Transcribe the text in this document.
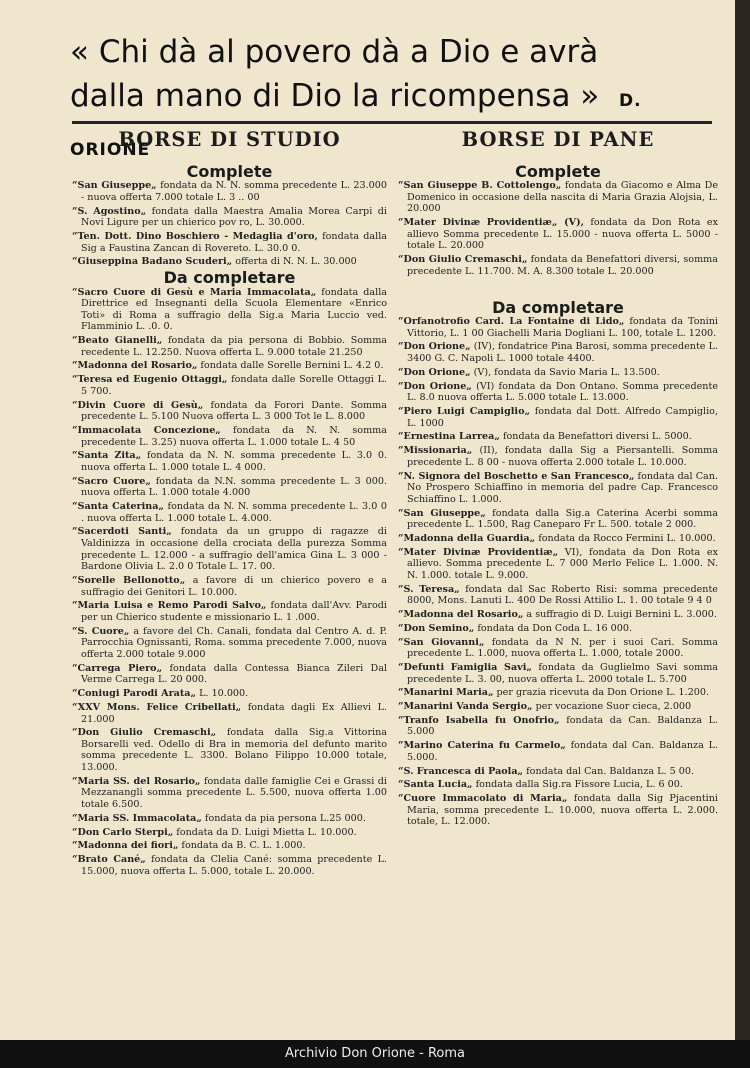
« Chi dà al povero dà a Dio e avrà
dalla mano di Dio la ricompensa » D. ORIONE
BORSE DI STUDIO
Complete
“San Giuseppe„ fondata da N. N. somma precedente L. 23.000 - nuova offerta 7.000 totale L. 3 .. 00
“S. Agostino„ fondata dalla Maestra Amalia Morea Carpi di Novi Ligure per un chierico pov ro, L. 30.000.
“Ten. Dott. Dino Boschiero - Medaglia d'oro, fondata dalla Sig a Faustina Zancan di Rovereto. L. 30.0 0.
“Giuseppina Badano Scuderi„ offerta di N. N. L. 30.000
Da completare
“Sacro Cuore di Gesù e Maria Immacolata„ fondata dalla Direttrice ed Insegnanti della Scuola Elementare «Enrico Toti» di Roma a suffragio della Sig.a Maria Luccio ved. Flamminio L. .0. 0.
“Beato Gianelli„ fondata da pia persona di Bobbio. Somma recedente L. 12.250. Nuova offerta L. 9.000 totale 21.250
“Madonna del Rosario„ fondata dalle Sorelle Bernini L. 4.2 0.
“Teresa ed Eugenio Ottaggi„ fondata dalle Sorelle Ottaggi L. 5 700.
“Divin Cuore di Gesù„ fondata da Forori Dante. Somma precedente L. 5.100 Nuova offerta L. 3 000 Tot le L. 8.000
“Immacolata Concezione„ fondata da N. N. somma precedente L. 3.25) nuova offerta L. 1.000 totale L. 4 50
“Santa Zita„ fondata da N. N. somma precedente L. 3.0 0. nuova offerta L. 1.000 totale L. 4 000.
“Sacro Cuore„ fondata da N.N. somma precedente L. 3 000. nuova offerta L. 1.000 totale 4.000
“Santa Caterina„ fondata da N. N. somma precedente L. 3.0 0 . nuova offerta L. 1.000 totale L. 4.000.
“Sacerdoti Santi„ fondata da un gruppo di ragazze di Valdinizza in occasione della crociata della purezza Somma precedente L. 12.000 - a suffragio dell'amica Gina L. 3 000 - Bardone Olivia L. 2.0 0 Totale L. 17. 00.
“Sorelle Bellonotto„ a favore di un chierico povero e a suffragio dei Genitori L. 10.000.
“Maria Luisa e Remo Parodi Salvo„ fondata dall'Avv. Parodi per un Chierico studente e missionario L. 1 .000.
“S. Cuore„ a favore del Ch. Canali, fondata dal Centro A. d. P. Parrocchia Ognissanti, Roma. somma precedente 7.000, nuova offerta 2.000 totale 9.000
“Carrega Piero„ fondata dalla Contessa Bianca Zileri Dal Verme Carrega L. 20 000.
“Coniugi Parodi Arata„ L. 10.000.
“XXV Mons. Felice Cribellati„ fondata dagli Ex Allievi L. 21.000
“Don Giulio Cremaschi„ fondata dalla Sig.a Vittorina Borsarelli ved. Odello di Bra in memoria del defunto marito somma precedente L. 3300. Bolano Filippo 10.000 totale, 13.000.
“Maria SS. del Rosario„ fondata dalle famiglie Cei e Grassi di Mezzanangli somma precedente L. 5.500, nuova offerta 1.00 totale 6.500.
“Maria SS. Immacolata„ fondata da pia persona L.25 000.
“Don Carlo Sterpi„ fondata da D. Luigi Mietta L. 10.000.
“Madonna dei fiori„ fondata da B. C. L. 1.000.
“Brato Cané„ fondata da Clelia Cané: somma precedente L. 15.000, nuova offerta L. 5.000, totale L. 20.000.
BORSE DI PANE
Complete
“San Giuseppe B. Cottolengo„ fondata da Giacomo e Alma De Domenico in occasione della nascita di Maria Grazia Alojsia, L. 20.000
“Mater Divinæ Providentiæ„ (V), fondata da Don Rota ex allievo Somma precedente L. 15.000 - nuova offerta L. 5000 - totale L. 20.000
“Don Giulio Cremaschi„ fondata da Benefattori diversi, somma precedente L. 11.700. M. A. 8.300 totale L. 20.000
Da completare
“Orfanotrofio Card. La Fontaine di Lido„ fondata da Tonini Vittorio, L. 1 00 Giachelli Maria Dogliani L. 100, totale L. 1200.
“Don Orione„ (IV), fondatrice Pina Barosi, somma precedente L. 3400 G. C. Napoli L. 1000 totale 4400.
“Don Orione„ (V), fondata da Savio Maria L. 13.500.
“Don Orione„ (VI) fondata da Don Ontano. Somma precedente L. 8.0 nuova offerta L. 5.000 totale L. 13.000.
“Piero Luigi Campiglio„ fondata dal Dott. Alfredo Campiglio, L. 1000
“Ernestina Larrea„ fondata da Benefattori diversi L. 5000.
“Missionaria„ (II), fondata dalla Sig a Piersantelli. Somma precedente L. 8 00 - nuova offerta 2.000 totale L. 10.000.
“N. Signora del Boschetto e San Francesco„ fondata dal Can. No Prospero Schiaffino in memoria del padre Cap. Francesco Schiaffino L. 1.000.
“San Giuseppe„ fondata dalla Sig.a Caterina Acerbi somma precedente L. 1.500, Rag Caneparo Fr L. 500. totale 2 000.
“Madonna della Guardia„ fondata da Rocco Fermini L. 10.000.
“Mater Divinæ Providentiæ„ VI), fondata da Don Rota ex allievo. Somma precedente L. 7 000 Merlo Felice L. 1.000. N. N. 1.000. totale L. 9.000.
“S. Teresa„ fondata dal Sac Roberto Risi: somma precedente 8000, Mons. Lanuti L. 400 De Rossi Attilio L. 1. 00 totale 9 4 0
“Madonna del Rosario„ a suffragio di D. Luigi Bernini L. 3.000.
“Don Semino„ fondata da Don Coda L. 16 000.
“San Giovanni„ fondata da N N. per i suoi Cari. Somma precedente L. 1.000, nuova offerta L. 1.000, totale 2000.
“Defunti Famiglia Savi„ fondata da Guglielmo Savi somma precedente L. 3. 00, nuova offerta L. 2000 totale L. 5.700
“Manarini Maria„ per grazia ricevuta da Don Orione L. 1.200.
“Manarini Vanda Sergio„ per vocazione Suor cieca, 2.000
“Tranfo Isabella fu Onofrio„ fondata da Can. Baldanza L. 5.000
“Marino Caterina fu Carmelo„ fondata dal Can. Baldanza L. 5.000.
“S. Francesca di Paola„ fondata dal Can. Baldanza L. 5 00.
“Santa Lucia„ fondata dalla Sig.ra Fissore Lucia, L. 6 00.
“Cuore Immacolato di Maria„ fondata dalla Sig Pjacentini Maria, somma precedente L. 10.000, nuova offerta L. 2.000. totale, L. 12.000.
Archivio Don Orione - Roma
